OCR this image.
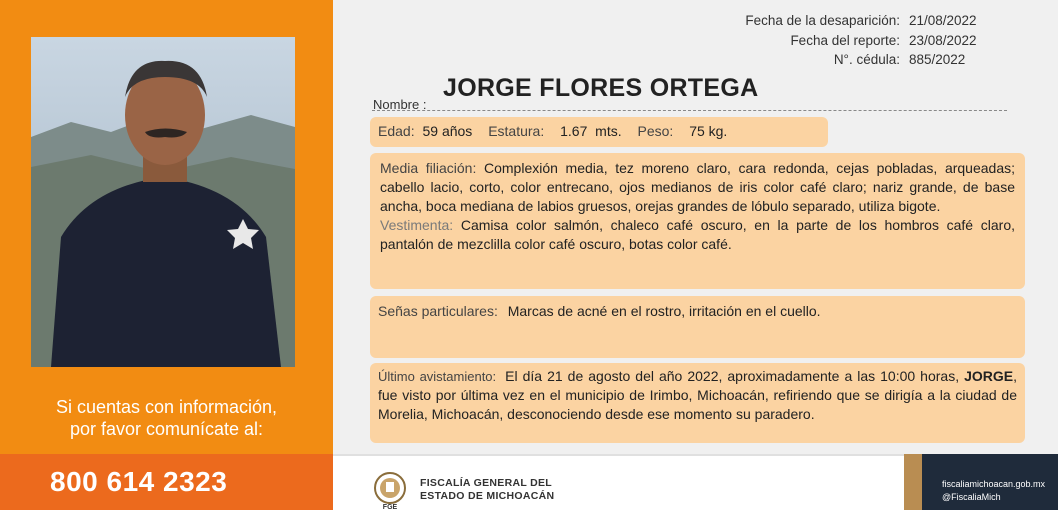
Si cuentas con información,
por favor comunícate al:
800 614 2323
Fecha de la desaparición: 21/08/2022
Fecha del reporte: 23/08/2022
N°. cédula: 885/2022
Nombre :
JORGE FLORES ORTEGA
Edad: 59 años Estatura: 1.67  mts. Peso: 75 kg.
Media filiación: Complexión media, tez moreno claro, cara redonda, cejas pobladas, arqueadas; cabello lacio, corto, color entrecano, ojos medianos de iris color café claro; nariz grande, de base ancha, boca mediana de labios gruesos, orejas grandes de lóbulo separado, utiliza bigote.
Vestimenta: Camisa color salmón, chaleco café oscuro, en la parte de los hombros café claro, pantalón de mezclilla color café oscuro, botas color café.
Señas particulares: Marcas de acné en el rostro, irritación en el cuello.
Último avistamiento: El día 21 de agosto del año 2022, aproximadamente a las 10:00 horas, JORGE, fue visto por última vez en el municipio de Irimbo, Michoacán, refiriendo que se dirigía a la ciudad de Morelia, Michoacán, desconociendo desde ese momento su paradero.
FGE
FISCALÍA GENERAL DEL
ESTADO DE MICHOACÁN
fiscaliamichoacan.gob.mx
@FiscaliaMich
